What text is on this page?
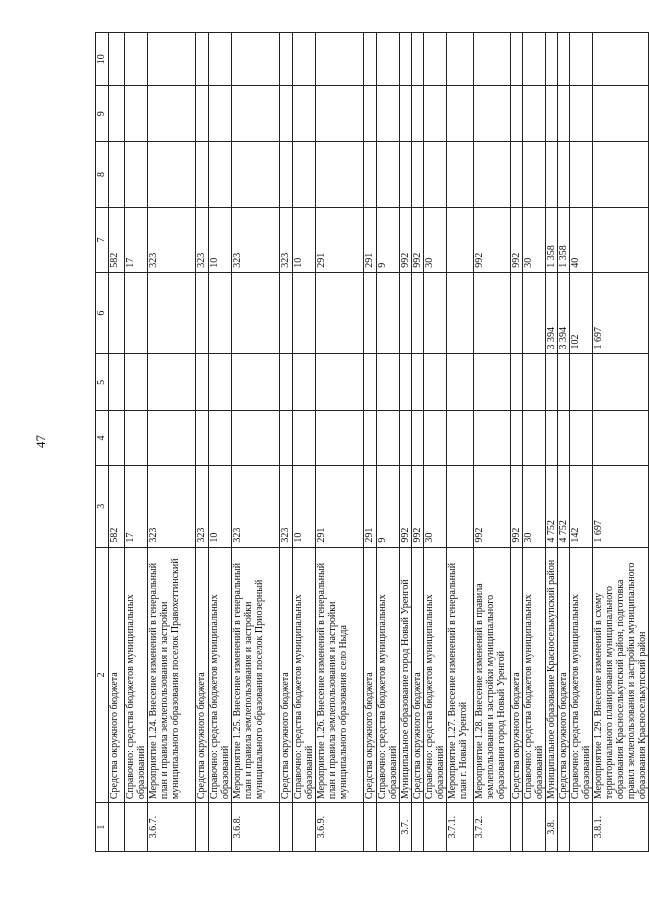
47
1	2	3	4	5	6	7	8	9	10
	Средства окружного бюджета	582				582			
	Справочно: средства бюджетов муниципальных образований	17				17			
3.6.7.	Мероприятие 1.24. Внесение изменений в генеральный план и правила землепользования и застройки муниципального образования поселок Правохеттинский	323				323			
	Средства окружного бюджета	323				323			
	Справочно: средства бюджетов муниципальных образований	10				10			
3.6.8.	Мероприятие 1.25. Внесение изменений в генеральный план и правила землепользования и застройки муниципального образования поселок Приозерный	323				323			
	Средства окружного бюджета	323				323			
	Справочно: средства бюджетов муниципальных образований	10				10			
3.6.9.	Мероприятие 1.26. Внесение изменений в генеральный план и правила землепользования и застройки муниципального образования село Ныда	291				291			
	Средства окружного бюджета	291				291			
	Справочно: средства бюджетов муниципальных образований	9				9			
3.7.	Муниципальное образование город Новый Уренгой	992				992			
	Средства окружного бюджета	992				992			
	Справочно: средства бюджетов муниципальных образований	30				30			
3.7.1.	Мероприятие 1.27. Внесение изменений в генеральный план г. Новый Уренгой								
3.7.2.	Мероприятие 1.28. Внесение изменений в правила землепользования и застройки муниципального образования город Новый Уренгой	992				992			
	Средства окружного бюджета	992				992			
	Справочно: средства бюджетов муниципальных образований	30				30			
3.8.	Муниципальное образование Красноселькупский район	4 752			3 394	1 358			
	Средства окружного бюджета	4 752			3 394	1 358			
	Справочно: средства бюджетов муниципальных образований	142			102	40			
3.8.1.	Мероприятие 1.29. Внесение изменений в схему территориального планирования муниципального образования Красноселькупский район, подготовка правил землепользования и застройки муниципального образования Красноселькупский район	1 697			1 697				
